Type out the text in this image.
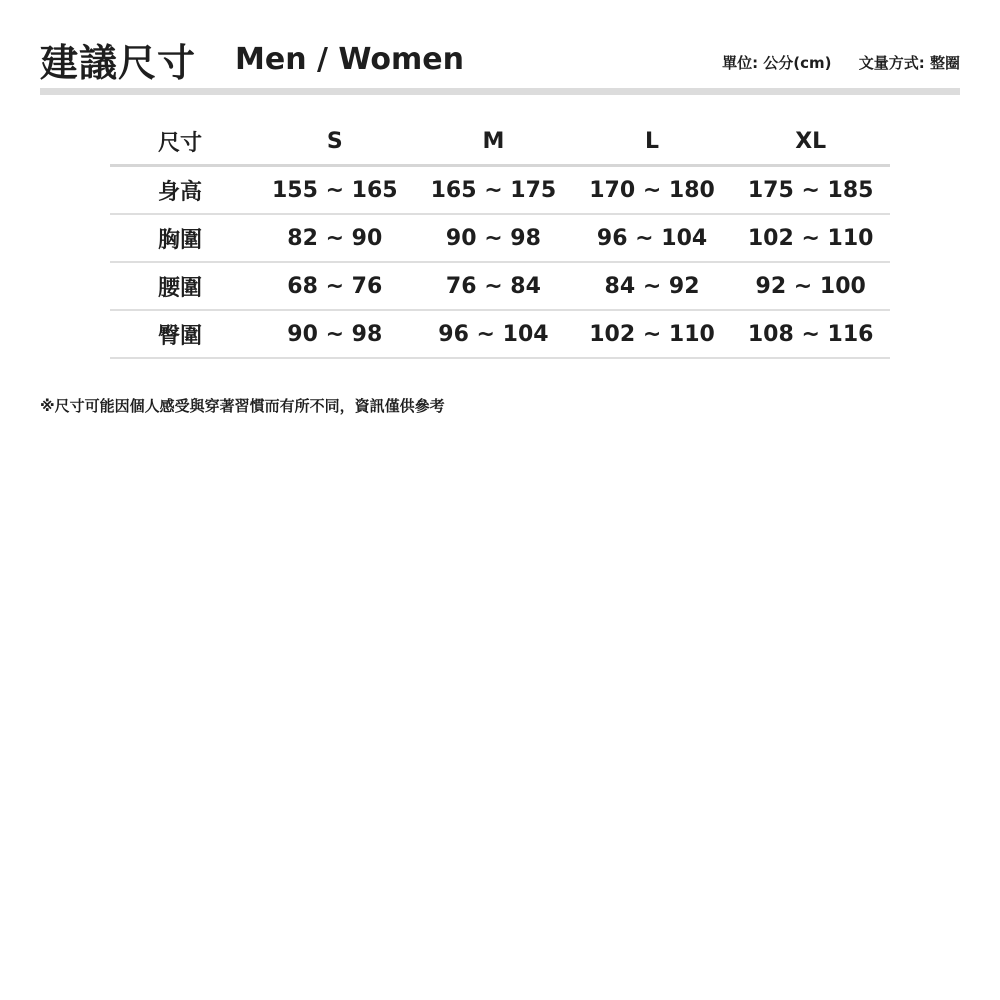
建議尺寸 Men / Women	單位: 公分(cm) 文量方式: 整圈
尺寸	S	M	L	XL
身高	155 ~ 165	165 ~ 175	170 ~ 180	175 ~ 185
胸圍	82 ~ 90	90 ~ 98	96 ~ 104	102 ~ 110
腰圍	68 ~ 76	76 ~ 84	84 ~ 92	92 ~ 100
臀圍	90 ~ 98	96 ~ 104	102 ~ 110	108 ~ 116
※尺寸可能因個人感受與穿著習慣而有所不同，資訊僅供參考
